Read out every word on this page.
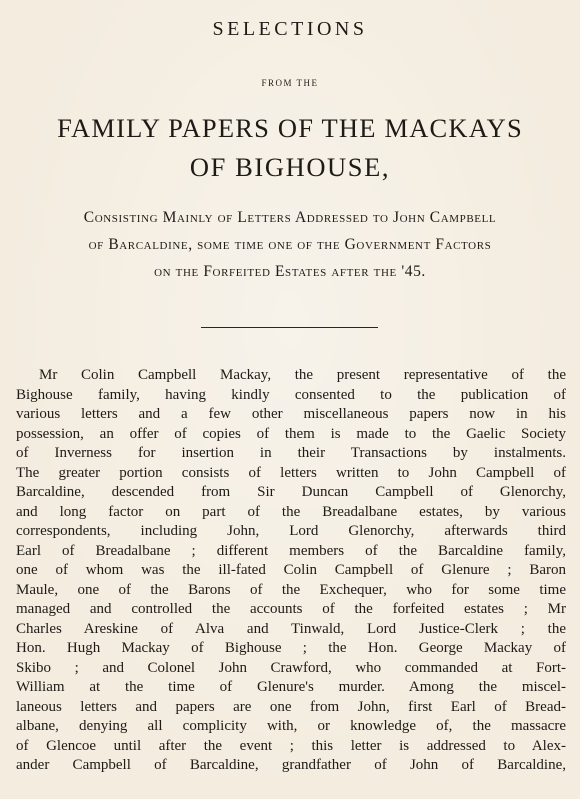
SELECTIONS
FROM THE
FAMILY PAPERS OF THE MACKAYS
OF BIGHOUSE,
Consisting Mainly of Letters Addressed to John Campbell
of Barcaldine, some time one of the Government Factors
on the Forfeited Estates after the '45.
Mr Colin Campbell Mackay, the present representative of the
Bighouse family, having kindly consented to the publication of
various letters and a few other miscellaneous papers now in his
possession, an offer of copies of them is made to the Gaelic Society
of Inverness for insertion in their Transactions by instalments.
The greater portion consists of letters written to John Campbell of
Barcaldine, descended from Sir Duncan Campbell of Glenorchy,
and long factor on part of the Breadalbane estates, by various
correspondents, including John, Lord Glenorchy, afterwards third
Earl of Breadalbane ; different members of the Barcaldine family,
one of whom was the ill-fated Colin Campbell of Glenure ; Baron
Maule, one of the Barons of the Exchequer, who for some time
managed and controlled the accounts of the forfeited estates ; Mr
Charles Areskine of Alva and Tinwald, Lord Justice-Clerk ; the
Hon. Hugh Mackay of Bighouse ; the Hon. George Mackay of
Skibo ; and Colonel John Crawford, who commanded at Fort-
William at the time of Glenure's murder. Among the miscel-
laneous letters and papers are one from John, first Earl of Bread-
albane, denying all complicity with, or knowledge of, the massacre
of Glencoe until after the event ; this letter is addressed to Alex-
ander Campbell of Barcaldine, grandfather of John of Barcaldine,
